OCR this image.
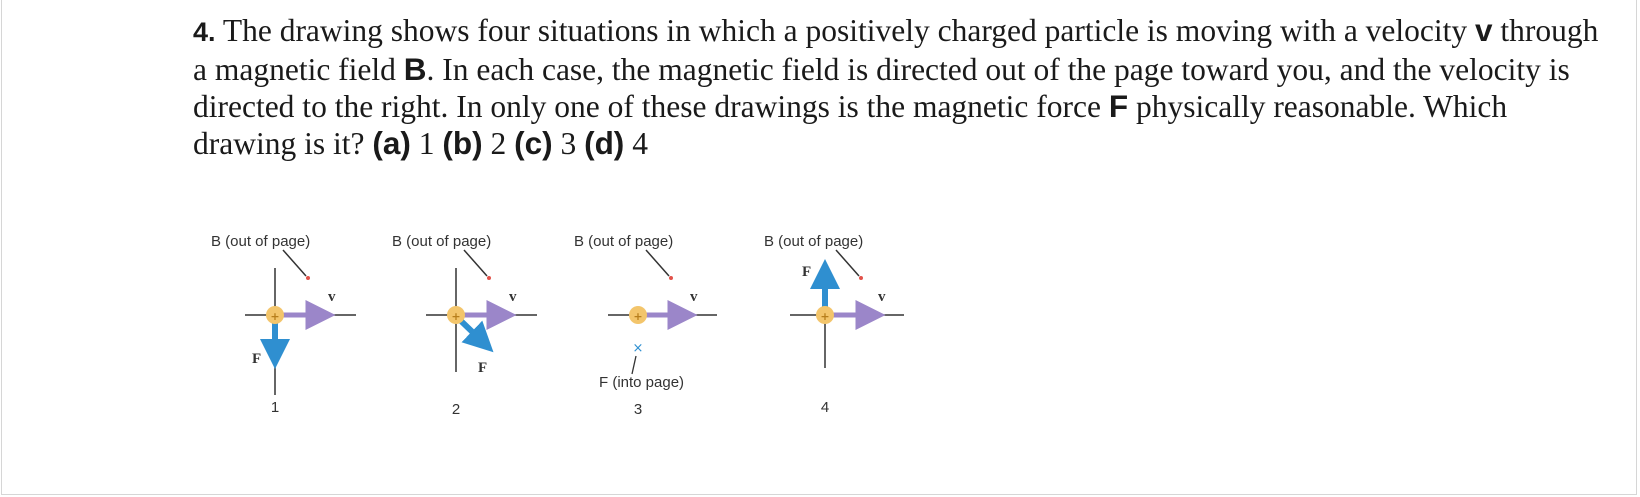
4. The drawing shows four situations in which a positively charged particle is moving with a velocity v through a magnetic field B. In each case, the magnetic field is directed out of the page toward you, and the velocity is directed to the right. In only one of these drawings is the magnetic force F physically reasonable. Which drawing is it? (a) 1 (b) 2 (c) 3 (d) 4
B (out of page)
v
F
+
1
B (out of page)
v
F
+
2
B (out of page)
v
+
×
F (into page)
3
B (out of page)
v
F
+
4
